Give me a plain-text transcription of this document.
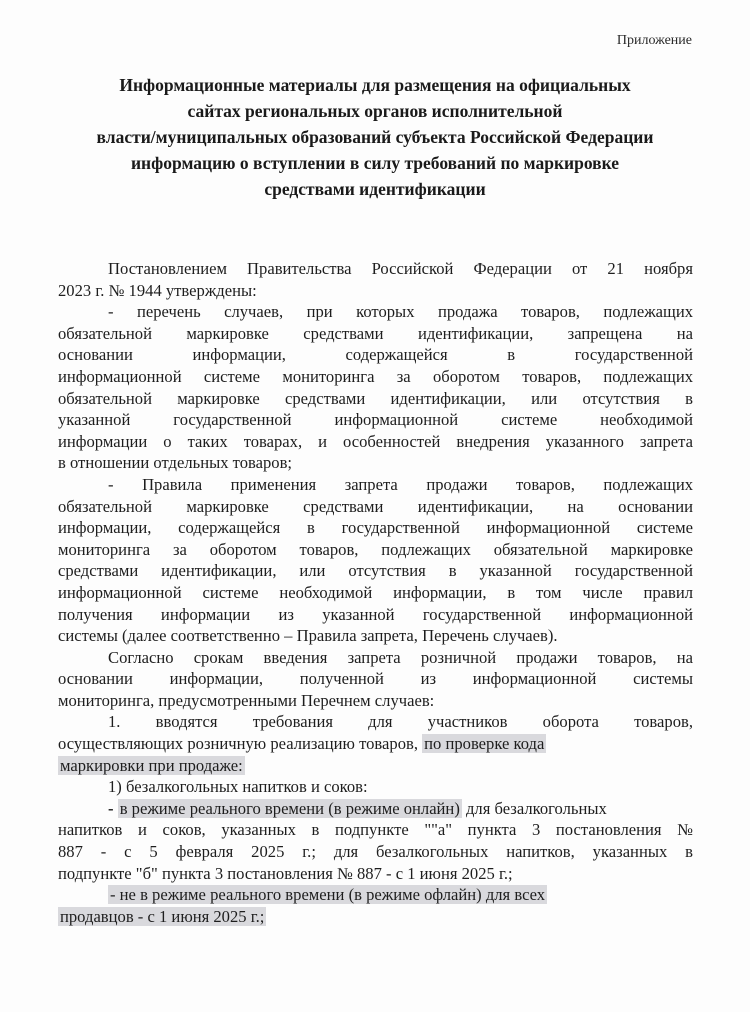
Приложение
Информационные материалы для размещения на официальных
сайтах региональных органов исполнительной
власти/муниципальных образований субъекта Российской Федерации
информацию о вступлении в силу требований по маркировке
средствами идентификации

Постановлением Правительства Российской Федерации от 21 ноября
2023 г. № 1944 утверждены:

- перечень случаев, при которых продажа товаров, подлежащих
обязательной маркировке средствами идентификации, запрещена на
основании информации, содержащейся в государственной
информационной системе мониторинга за оборотом товаров, подлежащих
обязательной маркировке средствами идентификации, или отсутствия в
указанной государственной информационной системе необходимой
информации о таких товарах, и особенностей внедрения указанного запрета
в отношении отдельных товаров;

- Правила применения запрета продажи товаров, подлежащих
обязательной маркировке средствами идентификации, на основании
информации, содержащейся в государственной информационной системе
мониторинга за оборотом товаров, подлежащих обязательной маркировке
средствами идентификации, или отсутствия в указанной государственной
информационной системе необходимой информации, в том числе правил
получения информации из указанной государственной информационной
системы (далее соответственно – Правила запрета, Перечень случаев).

Согласно срокам введения запрета розничной продажи товаров, на
основании информации, полученной из информационной системы
мониторинга, предусмотренными Перечнем случаев:

1. вводятся требования для участников оборота товаров,
осуществляющих розничную реализацию товаров, по проверке кода
маркировки при продаже:

1) безалкогольных напитков и соков:

- в режиме реального времени (в режиме онлайн) для безалкогольных
напитков и соков, указанных в подпункте ""а" пункта 3 постановления №
887 - с 5 февраля 2025 г.; для безалкогольных напитков, указанных в
подпункте "б" пункта 3 постановления № 887 - с 1 июня 2025 г.;

- не в режиме реального времени (в режиме офлайн) для всех
продавцов - с 1 июня 2025 г.;
